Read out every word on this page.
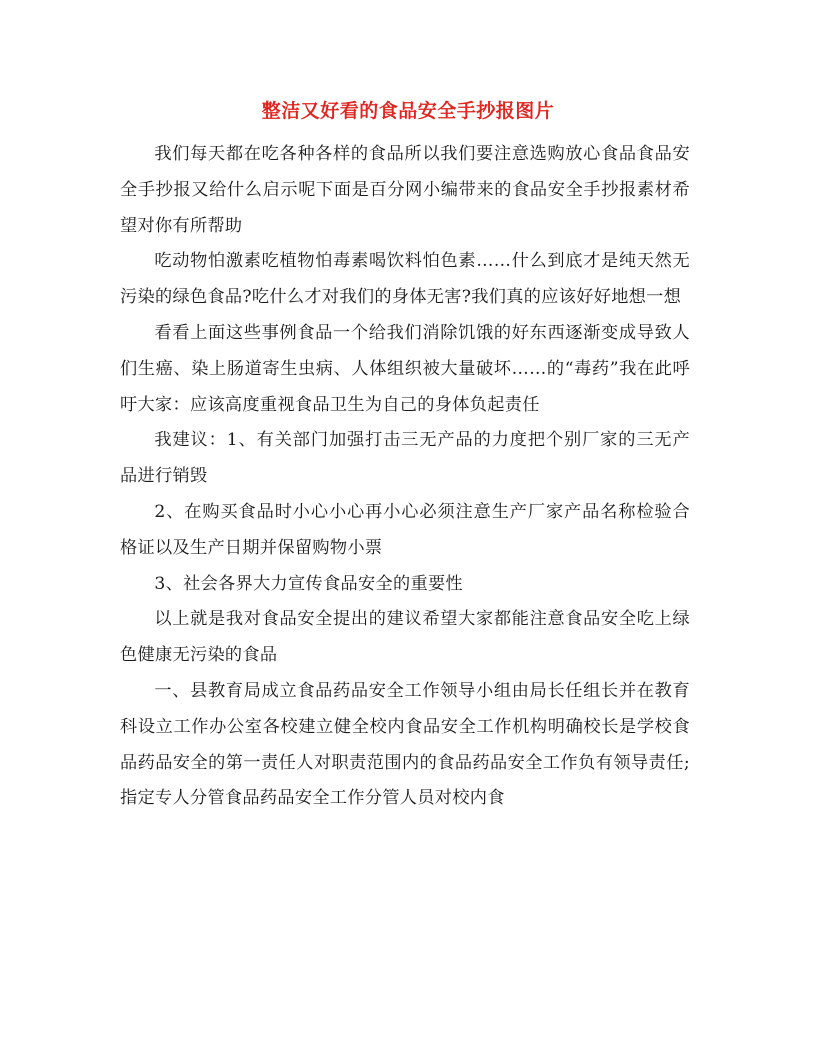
整洁又好看的食品安全手抄报图片

我们每天都在吃各种各样的食品所以我们要注意选购放心食品食品安全手抄报又给什么启示呢下面是百分网小编带来的食品安全手抄报素材希望对你有所帮助

吃动物怕激素吃植物怕毒素喝饮料怕色素……什么到底才是纯天然无污染的绿色食品?吃什么才对我们的身体无害?我们真的应该好好地想一想

看看上面这些事例食品一个给我们消除饥饿的好东西逐渐变成导致人们生癌、染上肠道寄生虫病、人体组织被大量破坏……的“毒药”我在此呼吁大家：应该高度重视食品卫生为自己的身体负起责任

我建议：1、有关部门加强打击三无产品的力度把个别厂家的三无产品进行销毁

2、在购买食品时小心小心再小心必须注意生产厂家产品名称检验合格证以及生产日期并保留购物小票

3、社会各界大力宣传食品安全的重要性

以上就是我对食品安全提出的建议希望大家都能注意食品安全吃上绿色健康无污染的食品

一、县教育局成立食品药品安全工作领导小组由局长任组长并在教育科设立工作办公室各校建立健全校内食品安全工作机构明确校长是学校食品药品安全的第一责任人对职责范围内的食品药品安全工作负有领导责任;指定专人分管食品药品安全工作分管人员对校内食
